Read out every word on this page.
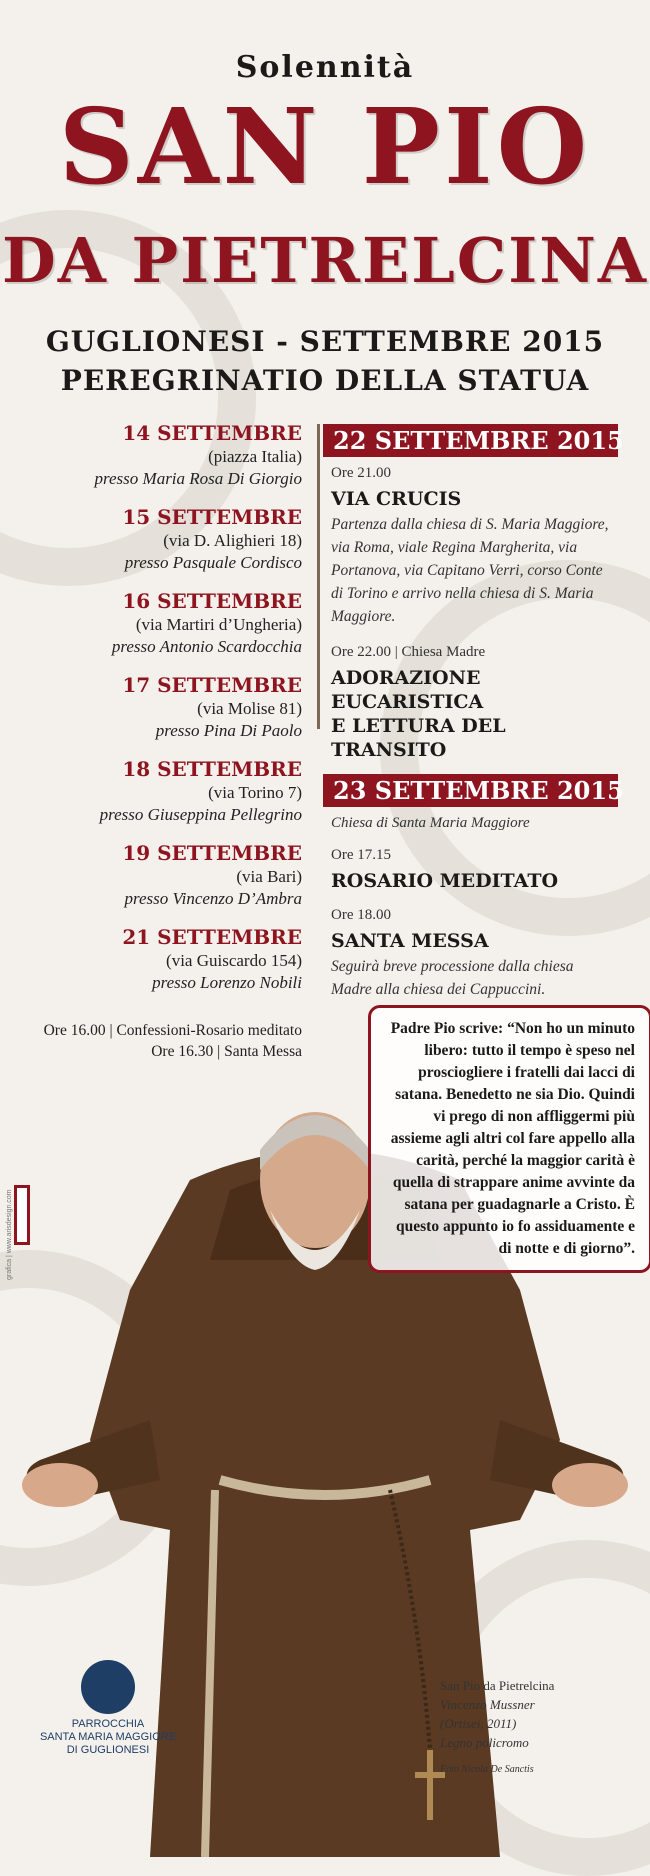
Solennità
SAN PIO
DA PIETRELCINA
GUGLIONESI - SETTEMBRE 2015
PEREGRINATIO DELLA STATUA
14 SETTEMBRE
(piazza Italia)
presso Maria Rosa Di Giorgio
15 SETTEMBRE
(via D. Alighieri 18)
presso Pasquale Cordisco
16 SETTEMBRE
(via Martiri d’Ungheria)
presso Antonio Scardocchia
17 SETTEMBRE
(via Molise 81)
presso Pina Di Paolo
18 SETTEMBRE
(via Torino 7)
presso Giuseppina Pellegrino
19 SETTEMBRE
(via Bari)
presso Vincenzo D’Ambra
21 SETTEMBRE
(via Guiscardo 154)
presso Lorenzo Nobili
Ore 16.00 | Confessioni-Rosario meditato
Ore 16.30 | Santa Messa
22 SETTEMBRE 2015
Ore 21.00
VIA CRUCIS
Partenza dalla chiesa di S. Maria Maggiore, via Roma, viale Regina Margherita, via Portanova, via Capitano Verri, corso Conte di Torino e arrivo nella chiesa di S. Maria Maggiore.
Ore 22.00 | Chiesa Madre
ADORAZIONE EUCARISTICA
E LETTURA DEL TRANSITO
23 SETTEMBRE 2015
Chiesa di Santa Maria Maggiore
Ore 17.15
ROSARIO MEDITATO
Ore 18.00
SANTA MESSA
Seguirà breve processione dalla chiesa Madre alla chiesa dei Cappuccini.
Padre Pio scrive: “Non ho un minuto libero: tutto il tempo è speso nel prosciogliere i fratelli dai lacci di satana. Benedetto ne sia Dio. Quindi vi prego di non affliggermi più assieme agli altri col fare appello alla carità, perché la maggior carità è quella di strappare anime avvinte da satana per guadagnarle a Cristo. È questo appunto io fo assiduamente e di notte e di giorno”.
grafica | www.arisdesign.com
PARROCCHIA
SANTA MARIA MAGGIORE
DI GUGLIONESI
San Pio da Pietrelcina
Vincenzo Mussner
(Ortisei, 2011)
Legno policromo
Foto Nicola De Sanctis
